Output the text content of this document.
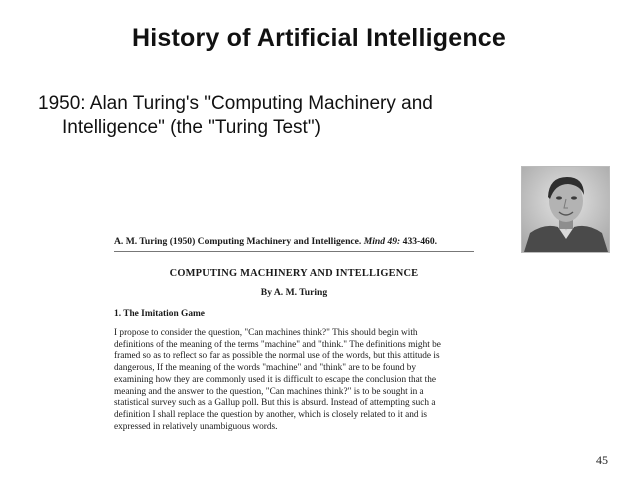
History of Artificial Intelligence
1950: Alan Turing's "Computing Machinery and
Intelligence" (the "Turing Test")
A. M. Turing (1950) Computing Machinery and Intelligence. Mind 49: 433-460.
COMPUTING MACHINERY AND INTELLIGENCE
By A. M. Turing
1. The Imitation Game
I propose to consider the question, "Can machines think?" This should begin with
definitions of the meaning of the terms "machine" and "think." The definitions might be
framed so as to reflect so far as possible the normal use of the words, but this attitude is
dangerous, If the meaning of the words "machine" and "think" are to be found by
examining how they are commonly used it is difficult to escape the conclusion that the
meaning and the answer to the question, "Can machines think?" is to be sought in a
statistical survey such as a Gallup poll. But this is absurd. Instead of attempting such a
definition I shall replace the question by another, which is closely related to it and is
expressed in relatively unambiguous words.
45
